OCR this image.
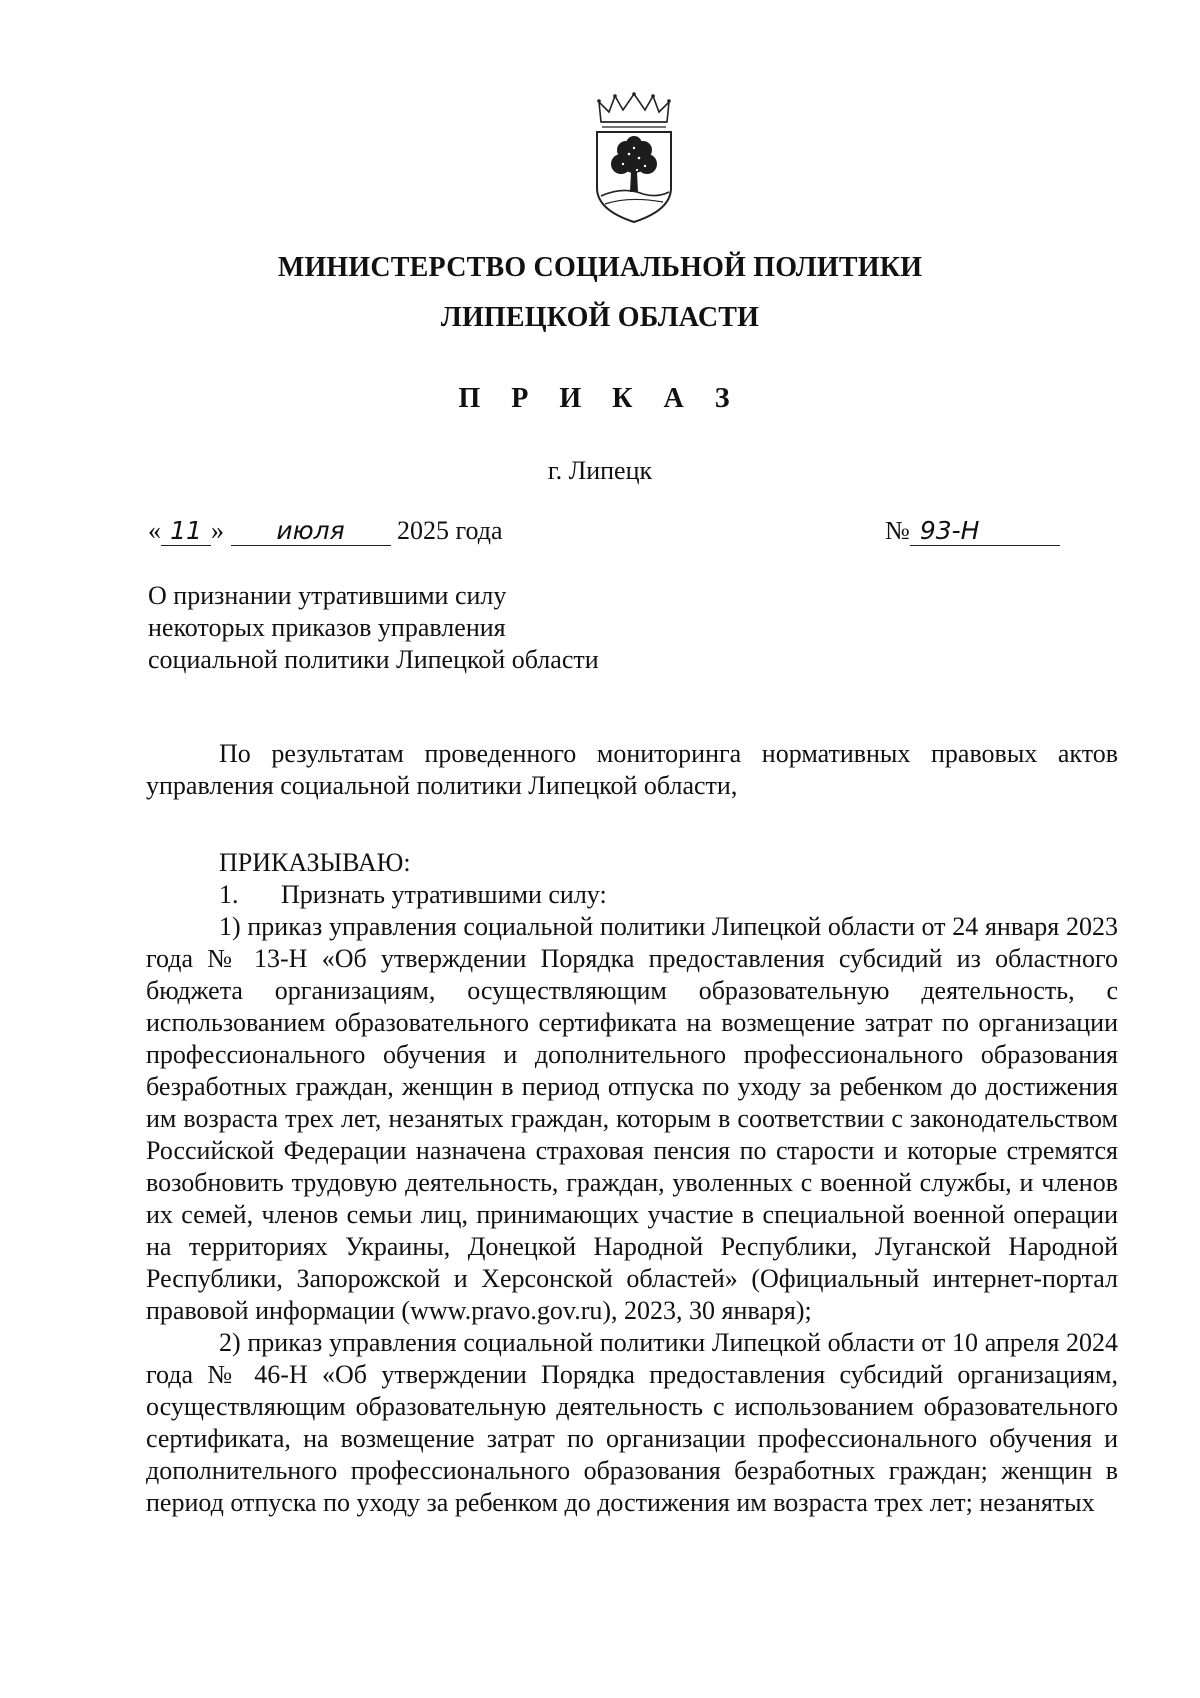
МИНИСТЕРСТВО СОЦИАЛЬНОЙ ПОЛИТИКИ
ЛИПЕЦКОЙ ОБЛАСТИ
П Р И К А З
г. Липецк
« 11 » июля 2025 года	№ 93-Н
О признании утратившими силу
некоторых приказов управления
социальной политики Липецкой области
По результатам проведенного мониторинга нормативных правовых актов управления социальной политики Липецкой области,
ПРИКАЗЫВАЮ:
1. Признать утратившими силу:
1) приказ управления социальной политики Липецкой области от 24 января 2023 года № 13-Н «Об утверждении Порядка предоставления субсидий из областного бюджета организациям, осуществляющим образовательную деятельность, с использованием образовательного сертификата на возмещение затрат по организации профессионального обучения и дополнительного профессионального образования безработных граждан, женщин в период отпуска по уходу за ребенком до достижения им возраста трех лет, незанятых граждан, которым в соответствии с законодательством Российской Федерации назначена страховая пенсия по старости и которые стремятся возобновить трудовую деятельность, граждан, уволенных с военной службы, и членов их семей, членов семьи лиц, принимающих участие в специальной военной операции на территориях Украины, Донецкой Народной Республики, Луганской Народной Республики, Запорожской и Херсонской областей» (Официальный интернет-портал правовой информации (www.pravo.gov.ru), 2023, 30 января);
2) приказ управления социальной политики Липецкой области от 10 апреля 2024 года № 46-Н «Об утверждении Порядка предоставления субсидий организациям, осуществляющим образовательную деятельность с использованием образовательного сертификата, на возмещение затрат по организации профессионального обучения и дополнительного профессионального образования безработных граждан; женщин в период отпуска по уходу за ребенком до достижения им возраста трех лет; незанятых
